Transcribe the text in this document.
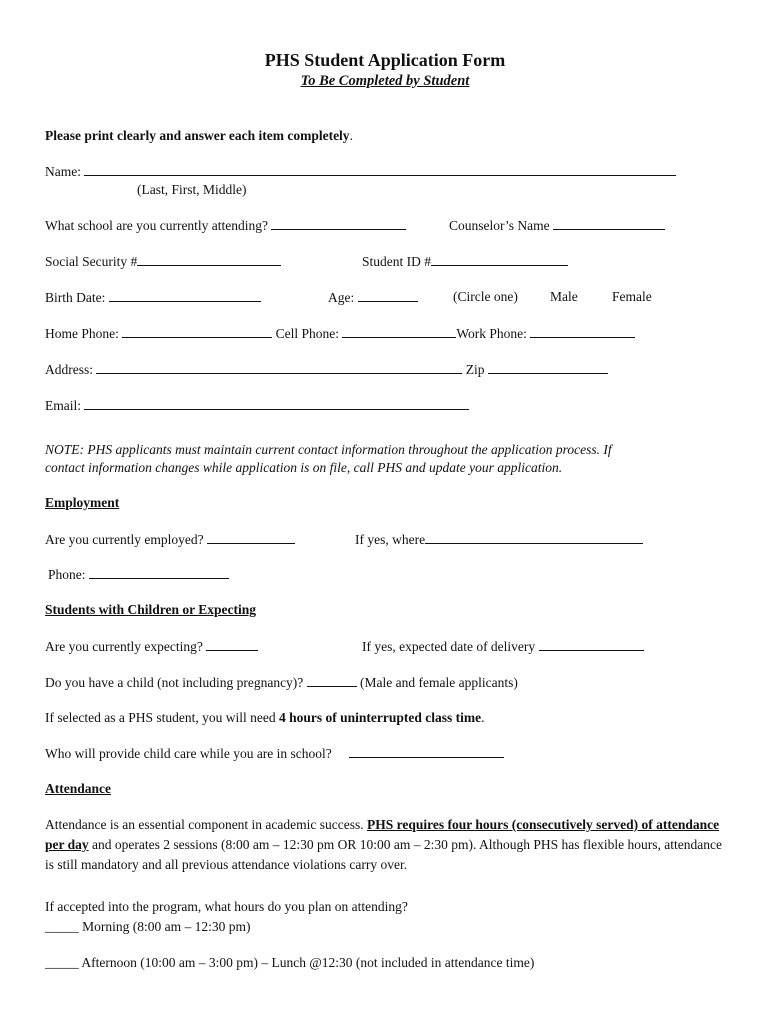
PHS Student Application Form
To Be Completed by Student
Please print clearly and answer each item completely.
Name:
(Last, First, Middle)
What school are you currently attending?	Counselor’s Name
Social Security #	Student ID #
Birth Date:	Age:	(Circle one) Male	Female
Home Phone:	Cell Phone:	Work Phone:
Address:	Zip
Email:
NOTE: PHS applicants must maintain current contact information throughout the application process. If
contact information changes while application is on file, call PHS and update your application.
Employment
Are you currently employed?	If yes, where
Phone:
Students with Children or Expecting
Are you currently expecting?	If yes, expected date of delivery
Do you have a child (not including pregnancy)?	(Male and female applicants)
If selected as a PHS student, you will need 4 hours of uninterrupted class time.
Who will provide child care while you are in school?
Attendance
Attendance is an essential component in academic success. PHS requires four hours (consecutively served) of attendance per day and operates 2 sessions (8:00 am – 12:30 pm OR 10:00 am – 2:30 pm). Although PHS has flexible hours, attendance is still mandatory and all previous attendance violations carry over.
If accepted into the program, what hours do you plan on attending?
_____ Morning (8:00 am – 12:30 pm)
_____ Afternoon (10:00 am – 3:00 pm) – Lunch @12:30 (not included in attendance time)
